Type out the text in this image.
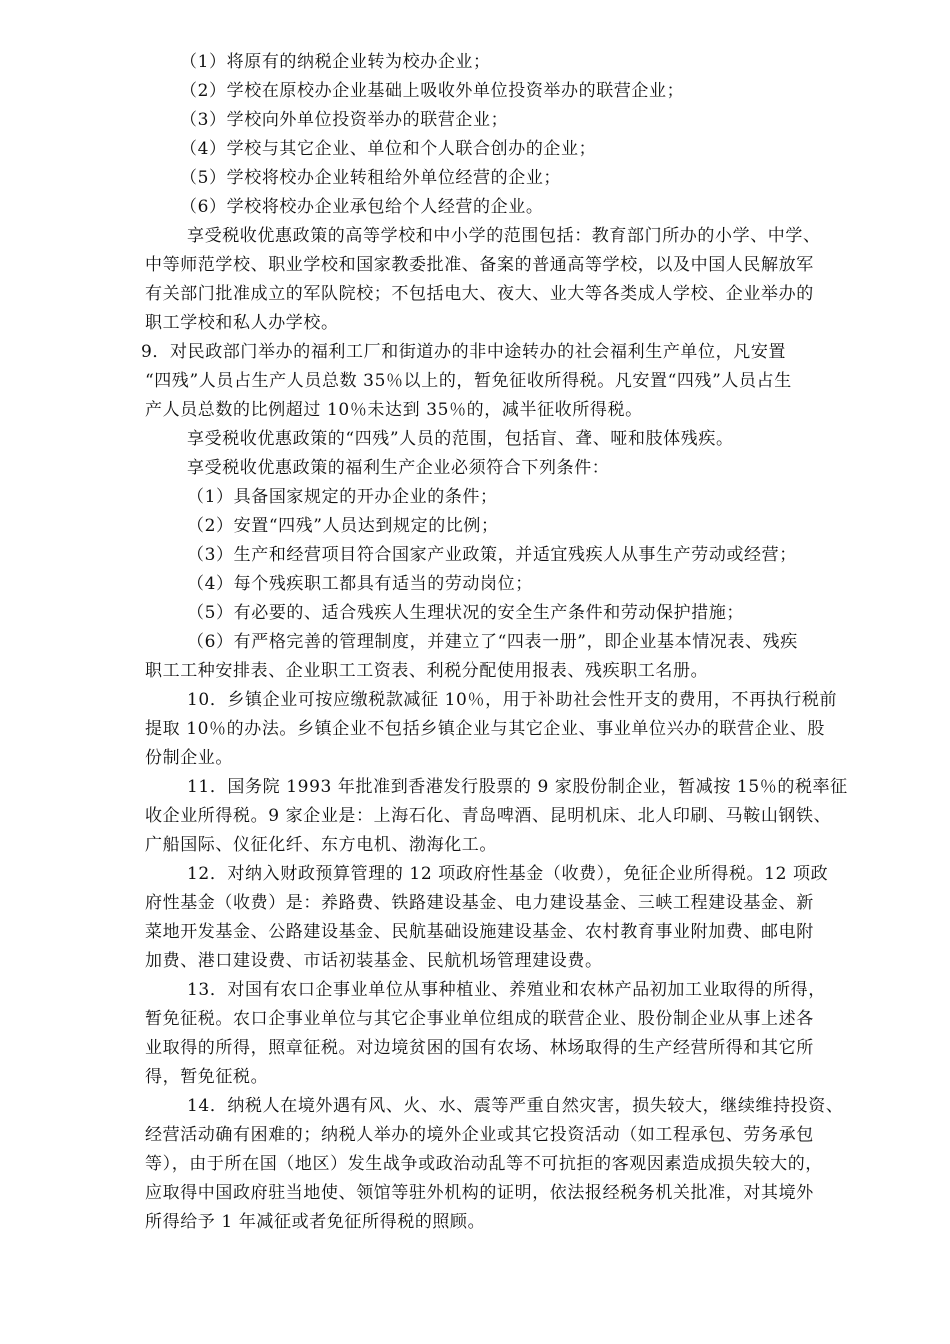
（1）将原有的纳税企业转为校办企业；
（2）学校在原校办企业基础上吸收外单位投资举办的联营企业；
（3）学校向外单位投资举办的联营企业；
（4）学校与其它企业、单位和个人联合创办的企业；
（5）学校将校办企业转租给外单位经营的企业；
（6）学校将校办企业承包给个人经营的企业。
享受税收优惠政策的高等学校和中小学的范围包括：教育部门所办的小学、中学、
中等师范学校、职业学校和国家教委批准、备案的普通高等学校，以及中国人民解放军
有关部门批准成立的军队院校；不包括电大、夜大、业大等各类成人学校、企业举办的
职工学校和私人办学校。
9．对民政部门举办的福利工厂和街道办的非中途转办的社会福利生产单位，凡安置
“四残”人员占生产人员总数 35％以上的，暂免征收所得税。凡安置“四残”人员占生
产人员总数的比例超过 10％未达到 35％的，减半征收所得税。
享受税收优惠政策的“四残”人员的范围，包括盲、聋、哑和肢体残疾。
享受税收优惠政策的福利生产企业必须符合下列条件：
（1）具备国家规定的开办企业的条件；
（2）安置“四残”人员达到规定的比例；
（3）生产和经营项目符合国家产业政策，并适宜残疾人从事生产劳动或经营；
（4）每个残疾职工都具有适当的劳动岗位；
（5）有必要的、适合残疾人生理状况的安全生产条件和劳动保护措施；
（6）有严格完善的管理制度，并建立了“四表一册”，即企业基本情况表、残疾
职工工种安排表、企业职工工资表、利税分配使用报表、残疾职工名册。
10．乡镇企业可按应缴税款减征 10％，用于补助社会性开支的费用，不再执行税前
提取 10％的办法。乡镇企业不包括乡镇企业与其它企业、事业单位兴办的联营企业、股
份制企业。
11．国务院 1993 年批准到香港发行股票的 9 家股份制企业，暂减按 15％的税率征
收企业所得税。9 家企业是：上海石化、青岛啤酒、昆明机床、北人印刷、马鞍山钢铁、
广船国际、仪征化纤、东方电机、渤海化工。
12．对纳入财政预算管理的 12 项政府性基金（收费），免征企业所得税。12 项政
府性基金（收费）是：养路费、铁路建设基金、电力建设基金、三峡工程建设基金、新
菜地开发基金、公路建设基金、民航基础设施建设基金、农村教育事业附加费、邮电附
加费、港口建设费、市话初装基金、民航机场管理建设费。
13．对国有农口企事业单位从事种植业、养殖业和农林产品初加工业取得的所得，
暂免征税。农口企事业单位与其它企事业单位组成的联营企业、股份制企业从事上述各
业取得的所得，照章征税。对边境贫困的国有农场、林场取得的生产经营所得和其它所
得，暂免征税。
14．纳税人在境外遇有风、火、水、震等严重自然灾害，损失较大，继续维持投资、
经营活动确有困难的；纳税人举办的境外企业或其它投资活动（如工程承包、劳务承包
等），由于所在国（地区）发生战争或政治动乱等不可抗拒的客观因素造成损失较大的，
应取得中国政府驻当地使、领馆等驻外机构的证明，依法报经税务机关批准，对其境外
所得给予 1 年减征或者免征所得税的照顾。
